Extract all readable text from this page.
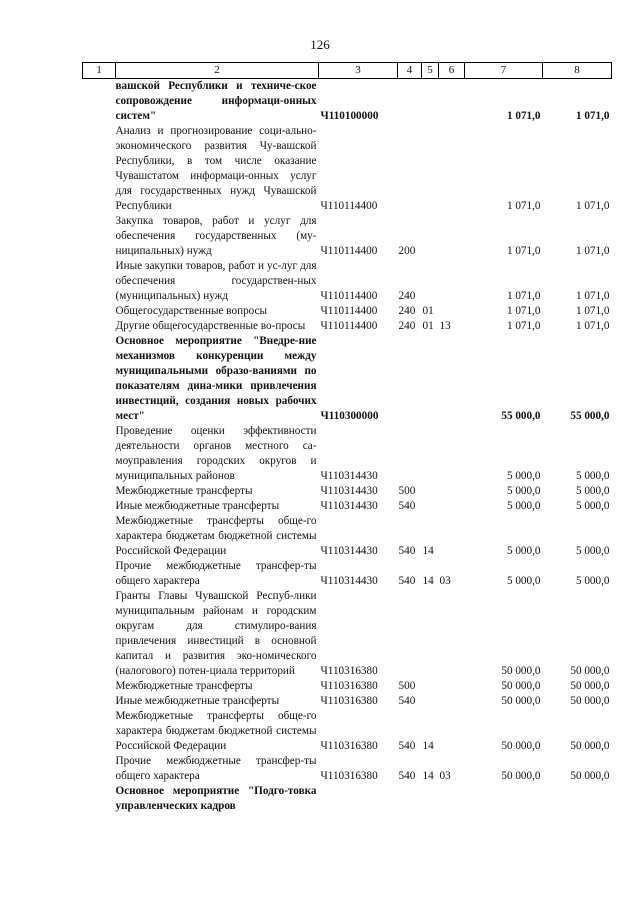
126
1	2	3	4	5	6	7	8
	вашской Республики и техниче-ское сопровождение информаци-онных систем"	Ч110100000				1 071,0	1 071,0
	Анализ и прогнозирование соци-ально-экономического развития Чу-вашской Республики, в том числе оказание Чувашстатом информаци-онных услуг для государственных нужд Чувашской Республики	Ч110114400				1 071,0	1 071,0
	Закупка товаров, работ и услуг для обеспечения государственных (му-ниципальных) нужд	Ч110114400	200			1 071,0	1 071,0
	Иные закупки товаров, работ и ус-луг для обеспечения государствен-ных (муниципальных) нужд	Ч110114400	240			1 071,0	1 071,0
	Общегосударственные вопросы	Ч110114400	240	01		1 071,0	1 071,0
	Другие общегосударственные во-просы	Ч110114400	240	01	13	1 071,0	1 071,0
	Основное мероприятие "Внедре-ние механизмов конкуренции между муниципальными образо-ваниями по показателям дина-мики привлечения инвестиций, создания новых рабочих мест"	Ч110300000				55 000,0	55 000,0
	Проведение оценки эффективности деятельности органов местного са-моуправления городских округов и муниципальных районов	Ч110314430				5 000,0	5 000,0
	Межбюджетные трансферты	Ч110314430	500			5 000,0	5 000,0
	Иные межбюджетные трансферты	Ч110314430	540			5 000,0	5 000,0
	Межбюджетные трансферты обще-го характера бюджетам бюджетной системы Российской Федерации	Ч110314430	540	14		5 000,0	5 000,0
	Прочие межбюджетные трансфер-ты общего характера	Ч110314430	540	14	03	5 000,0	5 000,0
	Гранты Главы Чувашской Респуб-лики муниципальным районам и городским округам для стимулиро-вания привлечения инвестиций в основной капитал и развития эко-номического (налогового) потен-циала территорий	Ч110316380				50 000,0	50 000,0
	Межбюджетные трансферты	Ч110316380	500			50 000,0	50 000,0
	Иные межбюджетные трансферты	Ч110316380	540			50 000,0	50 000,0
	Межбюджетные трансферты обще-го характера бюджетам бюджетной системы Российской Федерации	Ч110316380	540	14		50 000,0	50 000,0
	Прочие межбюджетные трансфер-ты общего характера	Ч110316380	540	14	03	50 000,0	50 000,0
	Основное мероприятие "Подго-товка управленческих кадров						
